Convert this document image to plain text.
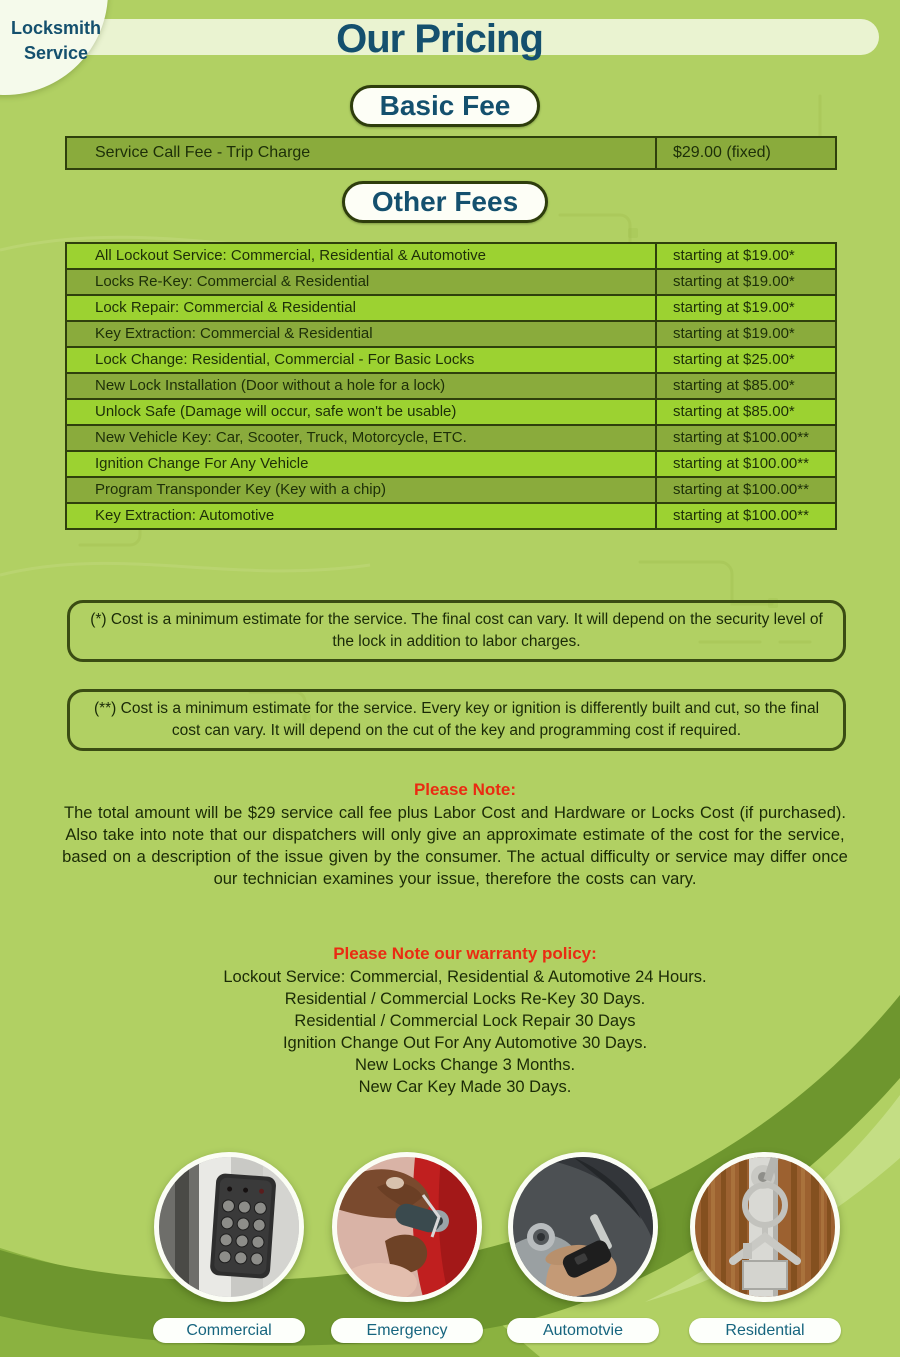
Our Pricing
Locksmith
Service
Basic Fee
Service Call Fee - Trip Charge	$29.00 (fixed)
Other Fees
All Lockout Service: Commercial, Residential & Automotive	starting at $19.00*
Locks Re-Key: Commercial & Residential	starting at $19.00*
Lock Repair: Commercial & Residential	starting at $19.00*
Key Extraction: Commercial & Residential	starting at $19.00*
Lock Change: Residential, Commercial - For Basic Locks	starting at $25.00*
New Lock Installation (Door without a hole for a lock)	starting at $85.00*
Unlock Safe (Damage will occur, safe won't be usable)	starting at $85.00*
New Vehicle Key: Car, Scooter, Truck, Motorcycle, ETC.	starting at $100.00**
Ignition Change For Any Vehicle	starting at $100.00**
Program Transponder Key (Key with a chip)	starting at $100.00**
Key Extraction: Automotive	starting at $100.00**
(*) Cost is a minimum estimate for the service. The final cost can vary. It will depend on the security level of the lock in addition to labor charges.
(**) Cost is a minimum estimate for the service. Every key or ignition is differently built and cut, so the final cost can vary. It will depend on the cut of the key and programming cost if required.
Please Note:
The total amount will be $29 service call fee plus Labor Cost and Hardware or Locks Cost (if purchased). Also take into note that our dispatchers will only give an approximate estimate of the cost for the service, based on a description of the issue given by the consumer. The actual difficulty or service may differ once our technician examines your issue, therefore the costs can vary.
Please Note our warranty policy:
Lockout Service: Commercial, Residential & Automotive 24 Hours.
Residential / Commercial Locks Re-Key 30 Days.
Residential / Commercial Lock Repair 30 Days
Ignition Change Out For Any Automotive 30 Days.
New Locks Change 3 Months.
New Car Key Made 30 Days.
Commercial	Emergency	Automotvie	Residential
